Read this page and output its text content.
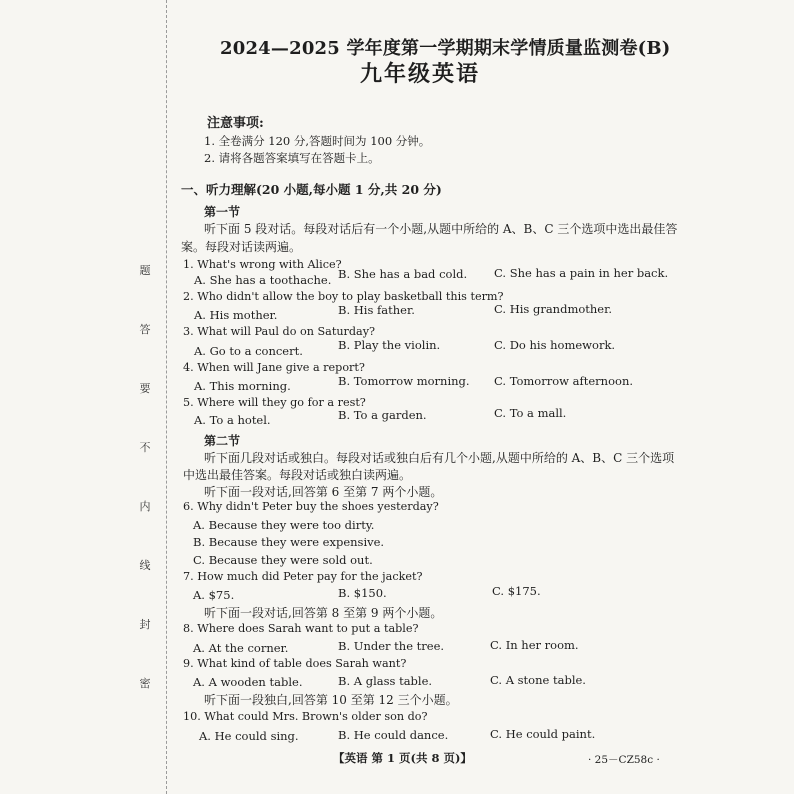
题
答
要
不
内
线
封
密
2024—2025 学年度第一学期期末学情质量监测卷(B)
九年级英语
注意事项:
1. 全卷满分 120 分,答题时间为 100 分钟。
2. 请将各题答案填写在答题卡上。
一、听力理解(20 小题,每小题 1 分,共 20 分)
第一节
听下面 5 段对话。每段对话后有一个小题,从题中所给的 A、B、C 三个选项中选出最佳答
案。每段对话读两遍。
1. What's wrong with Alice?
A. She has a toothache. B. She has a bad cold. C. She has a pain in her back.
2. Who didn't allow the boy to play basketball this term?
A. His mother.	B. His father.	C. His grandmother.
3. What will Paul do on Saturday?
A. Go to a concert.	B. Play the violin.	C. Do his homework.
4. When will Jane give a report?
A. This morning.	B. Tomorrow morning. C. Tomorrow afternoon.
5. Where will they go for a rest?
A. To a hotel.	B. To a garden.	C. To a mall.
第二节
听下面几段对话或独白。每段对话或独白后有几个小题,从题中所给的 A、B、C 三个选项
中选出最佳答案。每段对话或独白读两遍。
听下面一段对话,回答第 6 至第 7 两个小题。
6. Why didn't Peter buy the shoes yesterday?
A. Because they were too dirty.
B. Because they were expensive.
C. Because they were sold out.
7. How much did Peter pay for the jacket?
A. $75.	B. $150.	C. $175.
听下面一段对话,回答第 8 至第 9 两个小题。
8. Where does Sarah want to put a table?
A. At the corner.	B. Under the tree.	C. In her room.
9. What kind of table does Sarah want?
A. A wooden table.	B. A glass table.	C. A stone table.
听下面一段独白,回答第 10 至第 12 三个小题。
10. What could Mrs. Brown's older son do?
A. He could sing.	B. He could dance.	C. He could paint.
【英语 第 1 页(共 8 页)】	· 25－CZ58c ·
